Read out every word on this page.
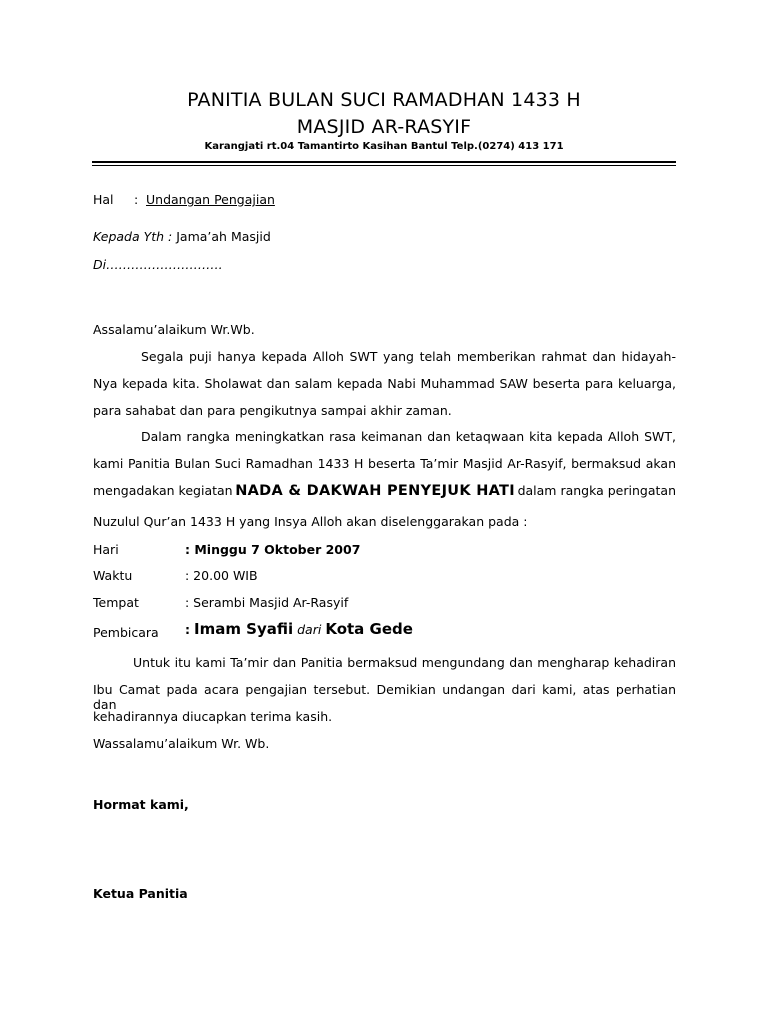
PANITIA BULAN SUCI RAMADHAN 1433 H
MASJID AR-RASYIF
Karangjati rt.04 Tamantirto Kasihan Bantul Telp.(0274) 413 171
Hal : Undangan Pengajian
Kepada Yth : Jama’ah Masjid
Di……………………….
Assalamu’alaikum Wr.Wb.
Segala puji hanya kepada Alloh SWT yang telah memberikan rahmat dan hidayah-
Nya kepada kita. Sholawat dan salam kepada Nabi Muhammad SAW beserta para keluarga,
para sahabat dan para pengikutnya sampai akhir zaman.
Dalam rangka meningkatkan rasa keimanan dan ketaqwaan kita kepada Alloh SWT,
kami Panitia Bulan Suci Ramadhan 1433 H beserta Ta’mir Masjid Ar-Rasyif, bermaksud akan
mengadakan kegiatan NADA & DAKWAH PENYEJUK HATI dalam rangka peringatan
Nuzulul Qur’an 1433 H yang Insya Alloh akan diselenggarakan pada :
Hari	: Minggu 7 Oktober 2007
Waktu	: 20.00 WIB
Tempat	: Serambi Masjid Ar-Rasyif
Pembicara : Imam Syafii dari Kota Gede
Untuk itu kami Ta’mir dan Panitia bermaksud mengundang dan mengharap kehadiran
Ibu Camat pada acara pengajian tersebut. Demikian undangan dari kami, atas perhatian dan
kehadirannya diucapkan terima kasih.
Wassalamu’alaikum Wr. Wb.
Hormat kami,
Ketua Panitia
